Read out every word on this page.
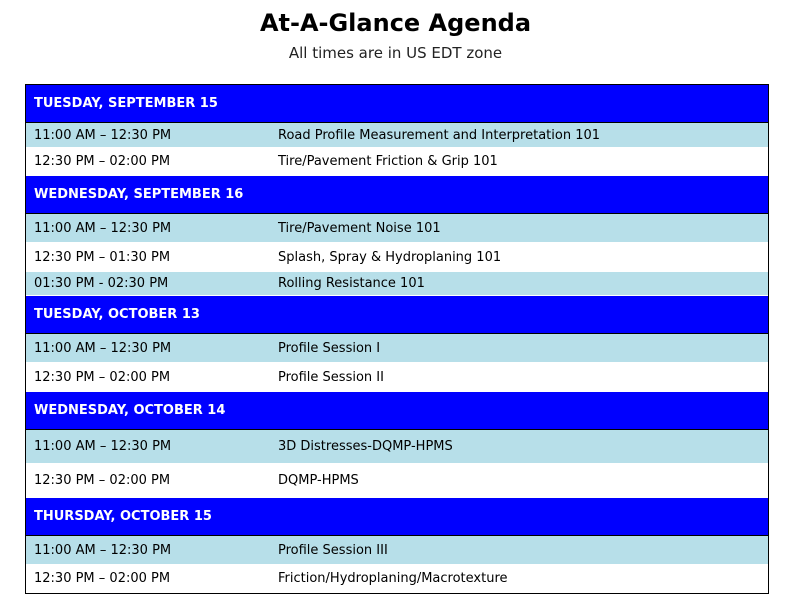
At-A-Glance Agenda
All times are in US EDT zone
TUESDAY, SEPTEMBER 15
11:00 AM – 12:30 PM	Road Profile Measurement and Interpretation 101
12:30 PM – 02:00 PM	Tire/Pavement Friction & Grip 101
WEDNESDAY, SEPTEMBER 16
11:00 AM – 12:30 PM	Tire/Pavement Noise 101
12:30 PM – 01:30 PM	Splash, Spray & Hydroplaning 101
01:30 PM - 02:30 PM	Rolling Resistance 101
TUESDAY, OCTOBER 13
11:00 AM – 12:30 PM	Profile Session I
12:30 PM – 02:00 PM	Profile Session II
WEDNESDAY, OCTOBER 14
11:00 AM – 12:30 PM	3D Distresses-DQMP-HPMS
12:30 PM – 02:00 PM	DQMP-HPMS
THURSDAY, OCTOBER 15
11:00 AM – 12:30 PM	Profile Session III
12:30 PM – 02:00 PM	Friction/Hydroplaning/Macrotexture
